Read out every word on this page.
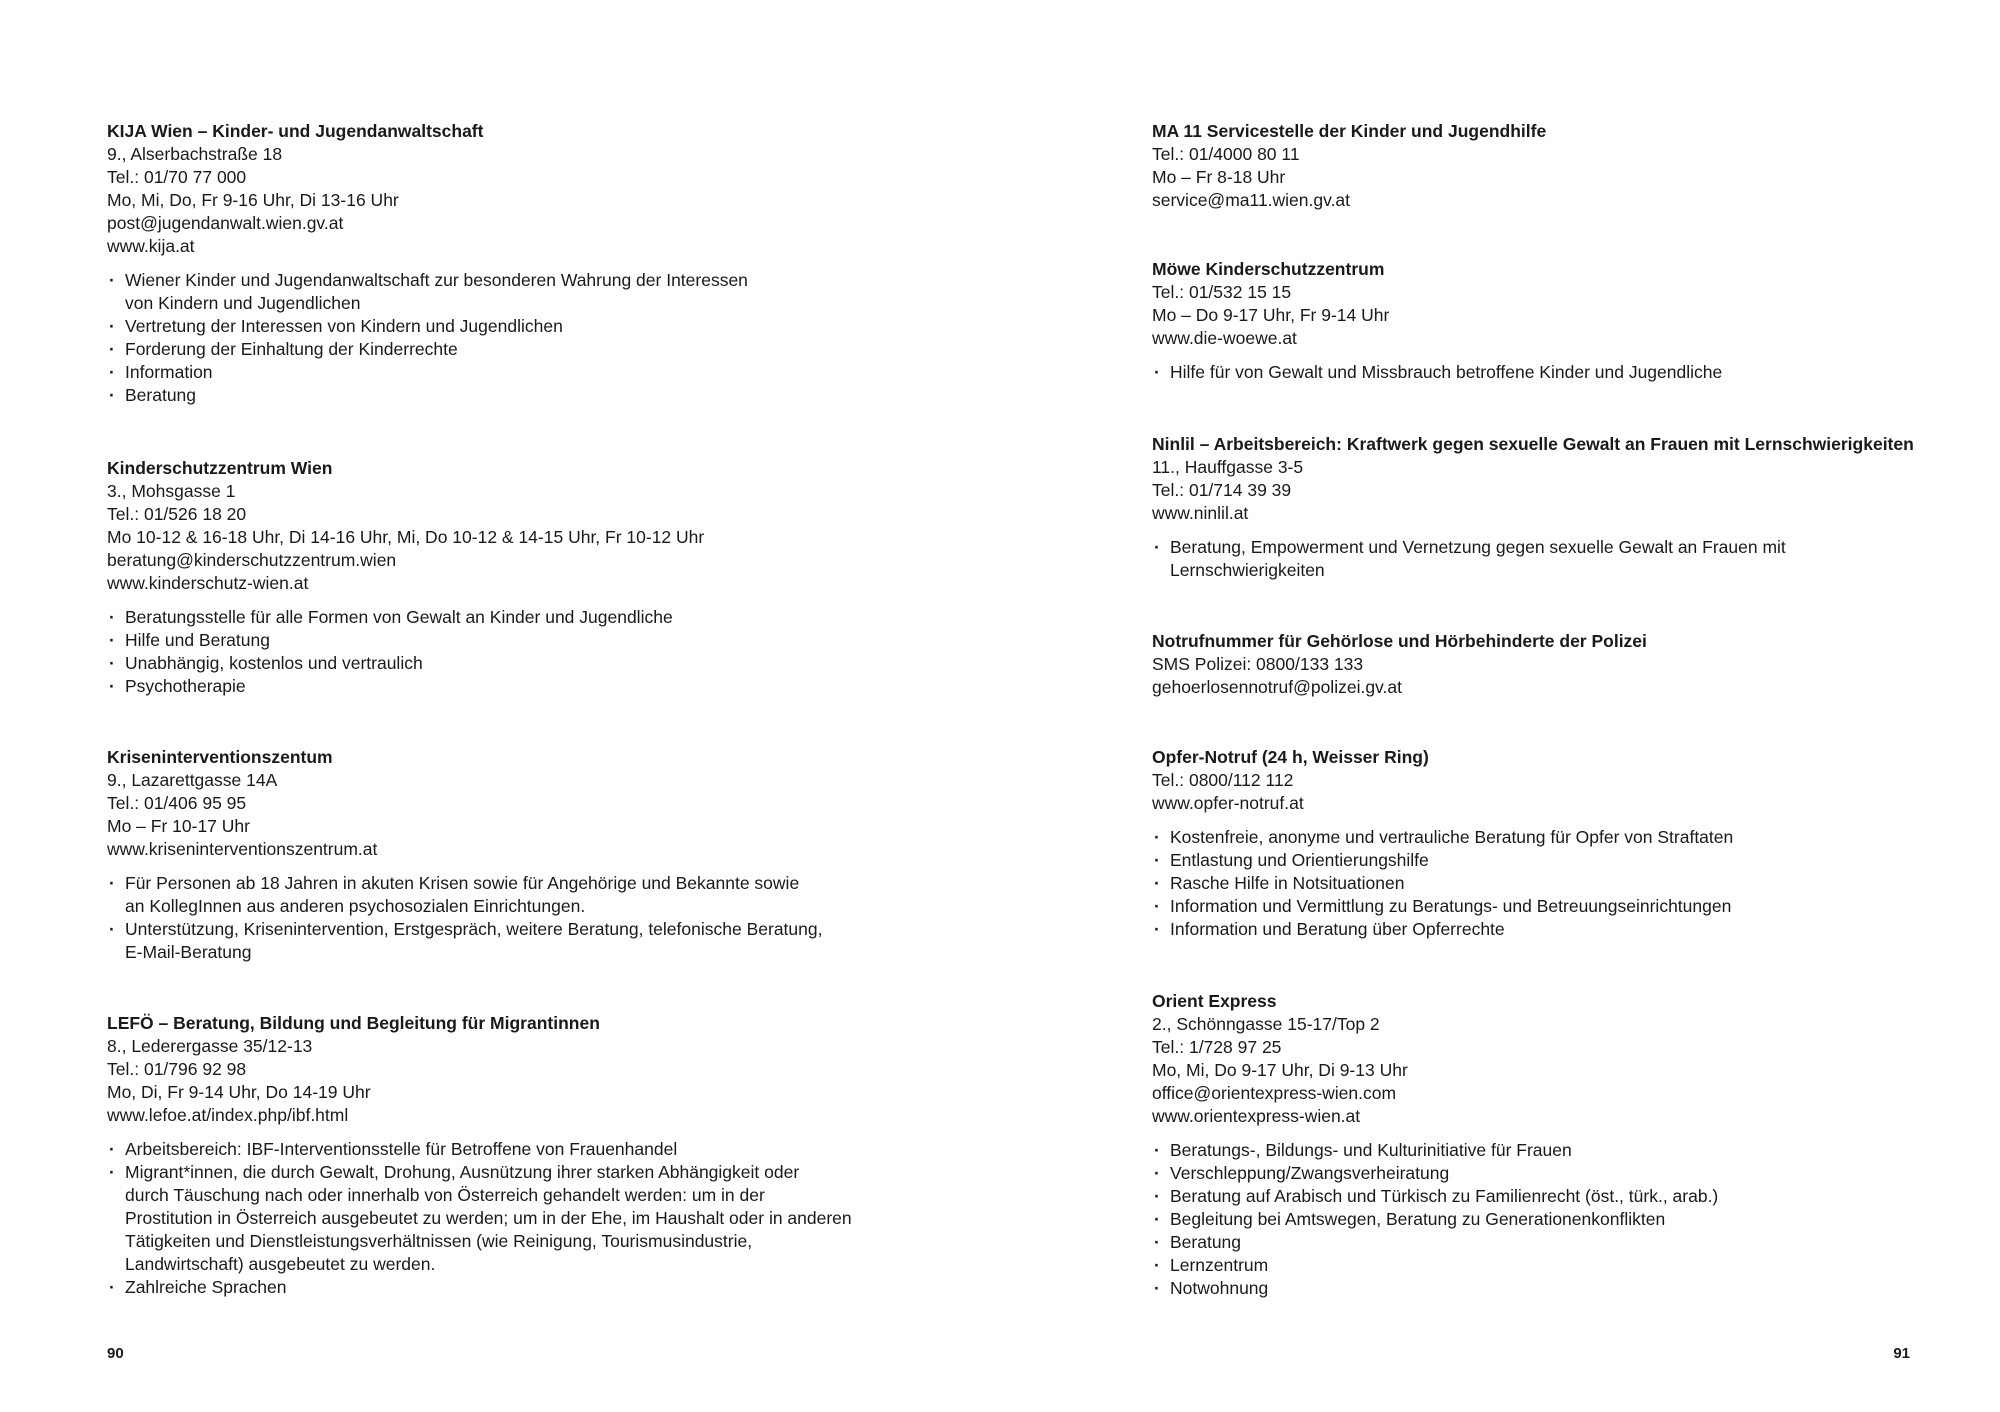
KIJA Wien – Kinder- und Jugendanwaltschaft

9., Alserbachstraße 18

Tel.: 01/70 77 000

Mo, Mi, Do, Fr 9-16 Uhr, Di 13-16 Uhr

post@jugendanwalt.wien.gv.at

www.kija.at

· Wiener Kinder und Jugendanwaltschaft zur besonderen Wahrung der Interessen
von Kindern und Jugendlichen
· Vertretung der Interessen von Kindern und Jugendlichen
· Forderung der Einhaltung der Kinderrechte
· Information
· Beratung

Kinderschutzzentrum Wien

3., Mohsgasse 1

Tel.: 01/526 18 20

Mo 10-12 & 16-18 Uhr, Di 14-16 Uhr, Mi, Do 10-12 & 14-15 Uhr, Fr 10-12 Uhr

beratung@kinderschutzzentrum.wien

www.kinderschutz-wien.at

· Beratungsstelle für alle Formen von Gewalt an Kinder und Jugendliche
· Hilfe und Beratung
· Unabhängig, kostenlos und vertraulich
· Psychotherapie

Kriseninterventionszentum

9., Lazarettgasse 14A

Tel.: 01/406 95 95

Mo – Fr 10-17 Uhr

www.kriseninterventionszentrum.at

· Für Personen ab 18 Jahren in akuten Krisen sowie für Angehörige und Bekannte sowie
an KollegInnen aus anderen psychosozialen Einrichtungen.
· Unterstützung, Krisenintervention, Erstgespräch, weitere Beratung, telefonische Beratung,
E-Mail-Beratung

LEFÖ – Beratung, Bildung und Begleitung für Migrantinnen

8., Lederergasse 35/12-13

Tel.: 01/796 92 98

Mo, Di, Fr 9-14 Uhr, Do 14-19 Uhr

www.lefoe.at/index.php/ibf.html

· Arbeitsbereich: IBF-Interventionsstelle für Betroffene von Frauenhandel
· Migrant*innen, die durch Gewalt, Drohung, Ausnützung ihrer starken Abhängigkeit oder
durch Täuschung nach oder innerhalb von Österreich gehandelt werden: um in der
Prostitution in Österreich ausgebeutet zu werden; um in der Ehe, im Haushalt oder in anderen
Tätigkeiten und Dienstleistungsverhältnissen (wie Reinigung, Tourismusindustrie,
Landwirtschaft) ausgebeutet zu werden.
· Zahlreiche Sprachen
90

MA 11 Servicestelle der Kinder und Jugendhilfe

Tel.: 01/4000 80 11

Mo – Fr 8-18 Uhr

service@ma11.wien.gv.at

Möwe Kinderschutzzentrum

Tel.: 01/532 15 15

Mo – Do 9-17 Uhr, Fr 9-14 Uhr

www.die-woewe.at

· Hilfe für von Gewalt und Missbrauch betroffene Kinder und Jugendliche

Ninlil – Arbeitsbereich: Kraftwerk gegen sexuelle Gewalt an Frauen mit Lernschwierigkeiten

11., Hauffgasse 3-5

Tel.: 01/714 39 39

www.ninlil.at

· Beratung, Empowerment und Vernetzung gegen sexuelle Gewalt an Frauen mit
Lernschwierigkeiten

Notrufnummer für Gehörlose und Hörbehinderte der Polizei

SMS Polizei: 0800/133 133

gehoerlosennotruf@polizei.gv.at

Opfer-Notruf (24 h, Weisser Ring)

Tel.: 0800/112 112

www.opfer-notruf.at

· Kostenfreie, anonyme und vertrauliche Beratung für Opfer von Straftaten
· Entlastung und Orientierungshilfe
· Rasche Hilfe in Notsituationen
· Information und Vermittlung zu Beratungs- und Betreuungseinrichtungen
· Information und Beratung über Opferrechte

Orient Express

2., Schönngasse 15-17/Top 2

Tel.: 1/728 97 25

Mo, Mi, Do 9-17 Uhr, Di 9-13 Uhr

office@orientexpress-wien.com

www.orientexpress-wien.at

· Beratungs-, Bildungs- und Kulturinitiative für Frauen
· Verschleppung/Zwangsverheiratung
· Beratung auf Arabisch und Türkisch zu Familienrecht (öst., türk., arab.)
· Begleitung bei Amtswegen, Beratung zu Generationenkonflikten
· Beratung
· Lernzentrum
· Notwohnung
91
